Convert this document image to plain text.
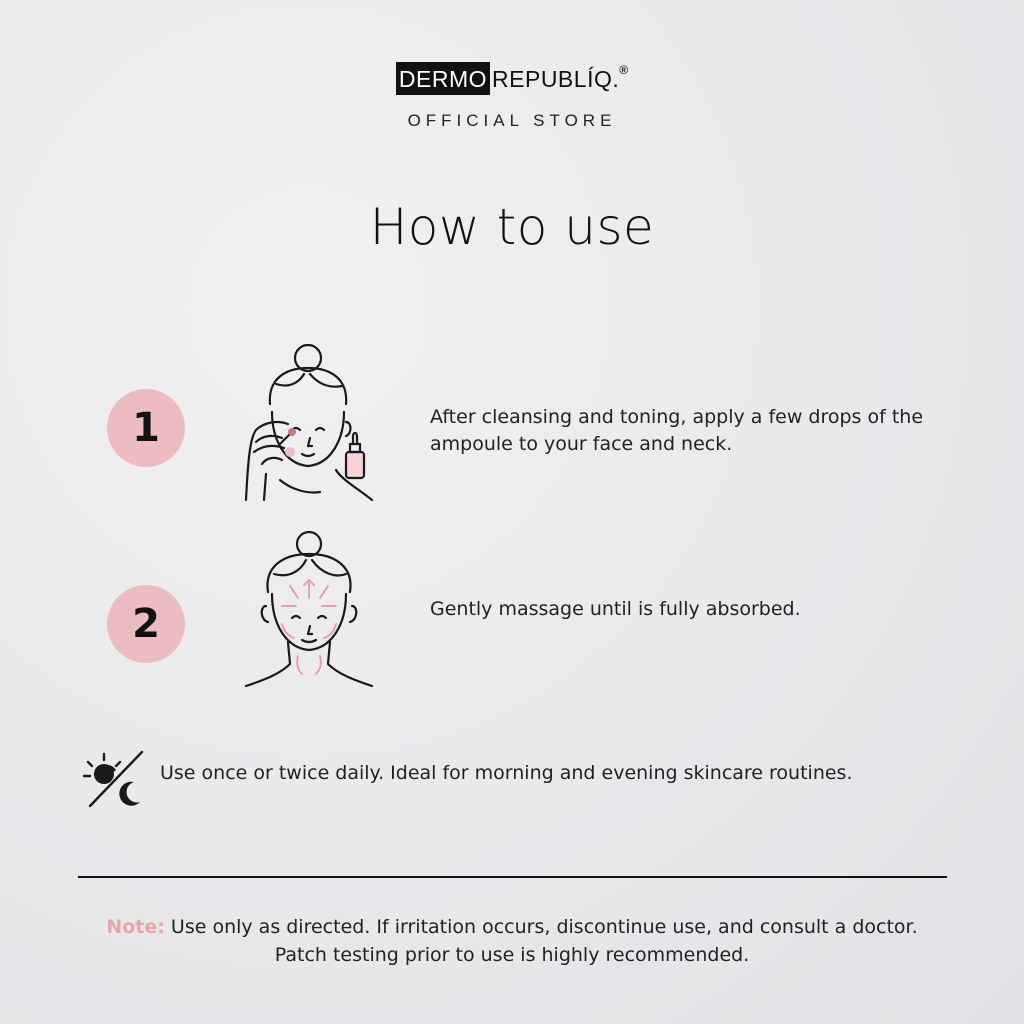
DERMO REPUBLÍQ. ®
OFFICIAL STORE
How to use
1	After cleansing and toning, apply a few drops of the ampoule to your face and neck.
2	Gently massage until is fully absorbed.
Use once or twice daily. Ideal for morning and evening skincare routines.
Note: Use only as directed. If irritation occurs, discontinue use, and consult a doctor.
Patch testing prior to use is highly recommended.
